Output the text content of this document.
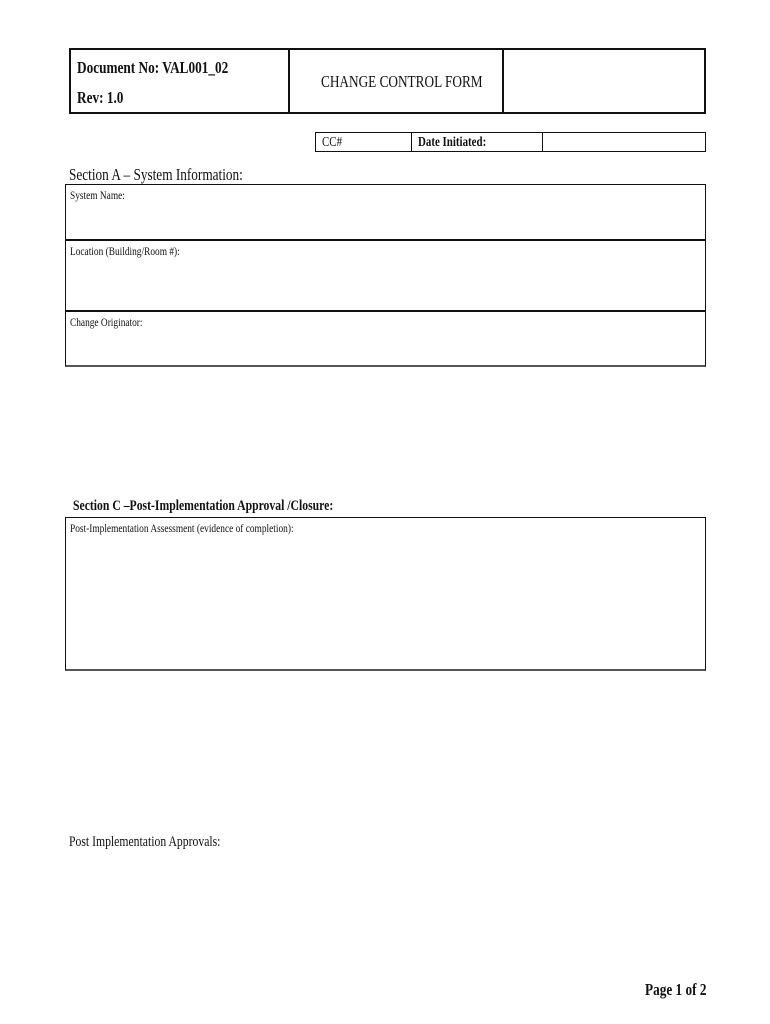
Document No: VAL001_02
Rev: 1.0
CHANGE CONTROL FORM
CC#	Date Initiated:
Section A – System Information:
System Name:
Location (Building/Room #):
Change Originator:
Section C –Post-Implementation Approval /Closure:
Post-Implementation Assessment (evidence of completion):
Post Implementation Approvals:
Page 1 of 2
